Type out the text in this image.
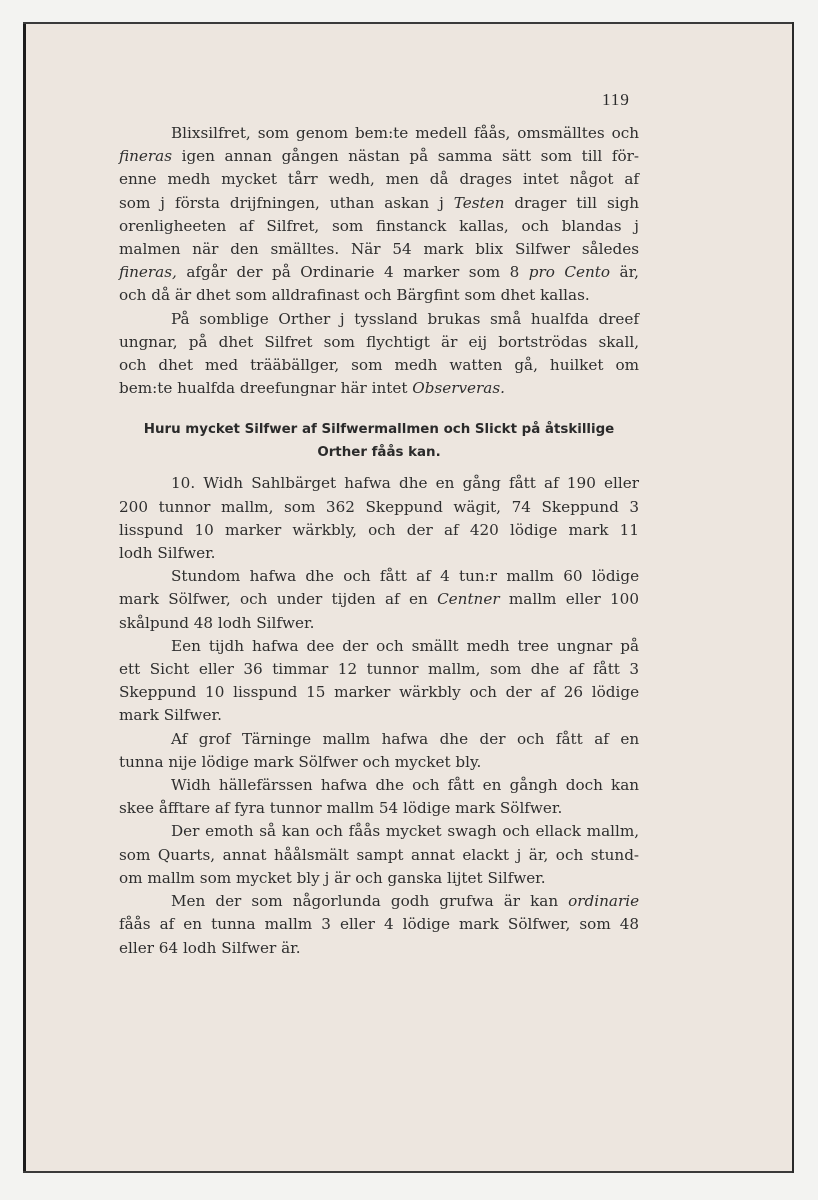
119

Blixsilfret, som genom bem:te medell fåås, omsmälltes och
fineras igen annan gången nästan på samma sätt som till för-
enne medh mycket tårr wedh, men då drages intet något af
som j första drijfningen, uthan askan j Testen drager till sigh
orenligheeten af Silfret, som finstanck kallas, och blandas j
malmen när den smälltes. När 54 mark blix Silfwer således
fineras, afgår der på Ordinarie 4 marker som 8 pro Cento är,
och då är dhet som alldrafinast och Bärgfint som dhet kallas.

På somblige Orther j tyssland brukas små hualfda dreef
ungnar, på dhet Silfret som flychtigt är eij bortströdas skall,
och dhet med trääbällger, som medh watten gå, huilket om
bem:te hualfda dreefungnar här intet Observeras.

Huru mycket Silfwer af Silfwermallmen och Slickt på åtskillige
Orther fåås kan.

10. Widh Sahlbärget hafwa dhe en gång fått af 190 eller
200 tunnor mallm, som 362 Skeppund wägit, 74 Skeppund 3
lisspund 10 marker wärkbly, och der af 420 lödige mark 11
lodh Silfwer.

Stundom hafwa dhe och fått af 4 tun:r mallm 60 lödige
mark Sölfwer, och under tijden af en Centner mallm eller 100
skålpund 48 lodh Silfwer.

Een tijdh hafwa dee der och smällt medh tree ungnar på
ett Sicht eller 36 timmar 12 tunnor mallm, som dhe af fått 3
Skeppund 10 lisspund 15 marker wärkbly och der af 26 lödige
mark Silfwer.

Af grof Tärninge mallm hafwa dhe der och fått af en
tunna nije lödige mark Sölfwer och mycket bly.

Widh hällefärssen hafwa dhe och fått en gångh doch kan
skee åfftare af fyra tunnor mallm 54 lödige mark Sölfwer.

Der emoth så kan och fåås mycket swagh och ellack mallm,
som Quarts, annat håålsmält sampt annat elackt j är, och stund-
om mallm som mycket bly j är och ganska lijtet Silfwer.

Men der som någorlunda godh grufwa är kan ordinarie
fåås af en tunna mallm 3 eller 4 lödige mark Sölfwer, som 48
eller 64 lodh Silfwer är.
